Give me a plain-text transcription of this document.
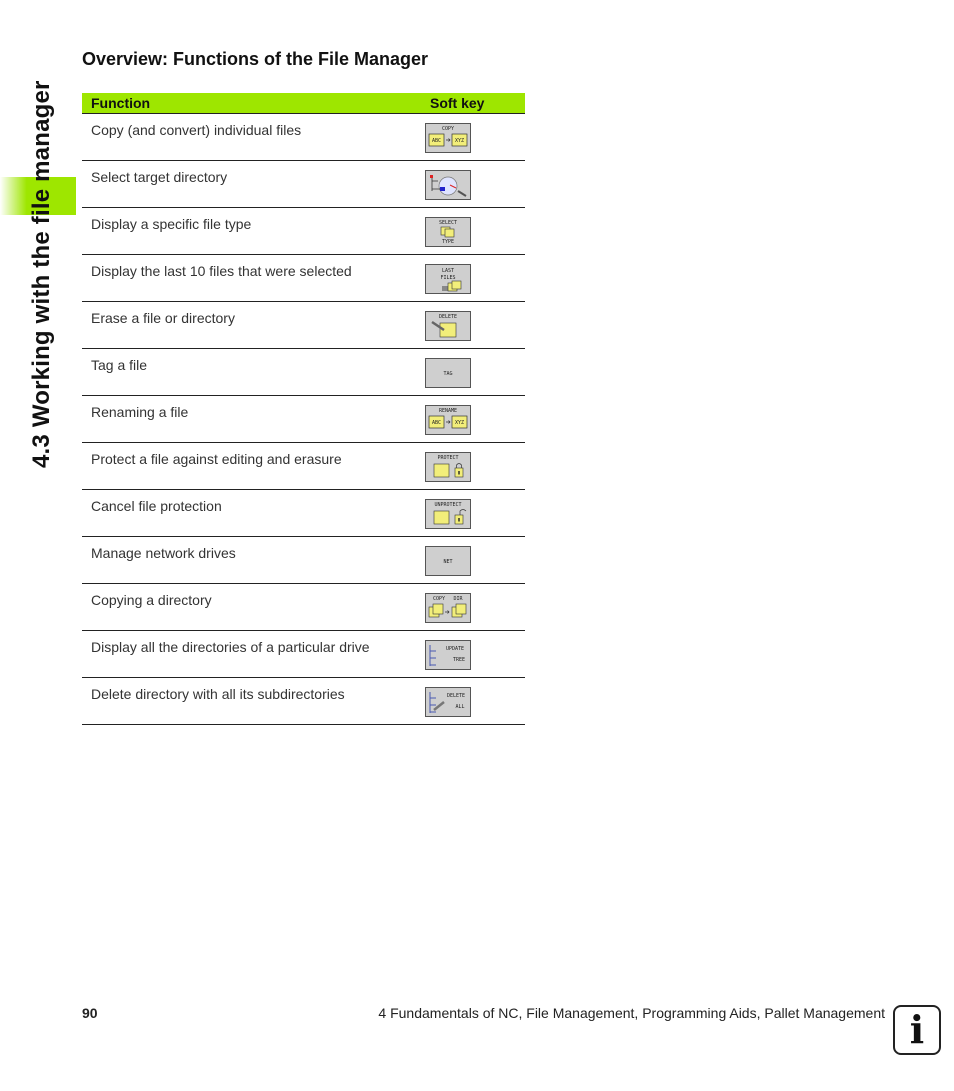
4.3 Working with the file manager
Overview: Functions of the File Manager
Function	Soft key
Copy (and convert) individual files	COPY
ABC XYZ

Select target directory	

Display a specific file type	SELECT
TYPE

Display the last 10 files that were selected	LAST
FILES

Erase a file or directory	DELETE

Tag a file	TAG

Renaming a file	RENAME
ABC XYZ

Protect a file against editing and erasure	PROTECT

Cancel file protection	UNPROTECT

Manage network drives	NET

Copying a directory	COPY DIR

Display all the directories of a particular drive	UPDATE
TREE

Delete directory with all its subdirectories	DELETE
ALL
90	4 Fundamentals of NC, File Management, Programming Aids, Pallet Management i
